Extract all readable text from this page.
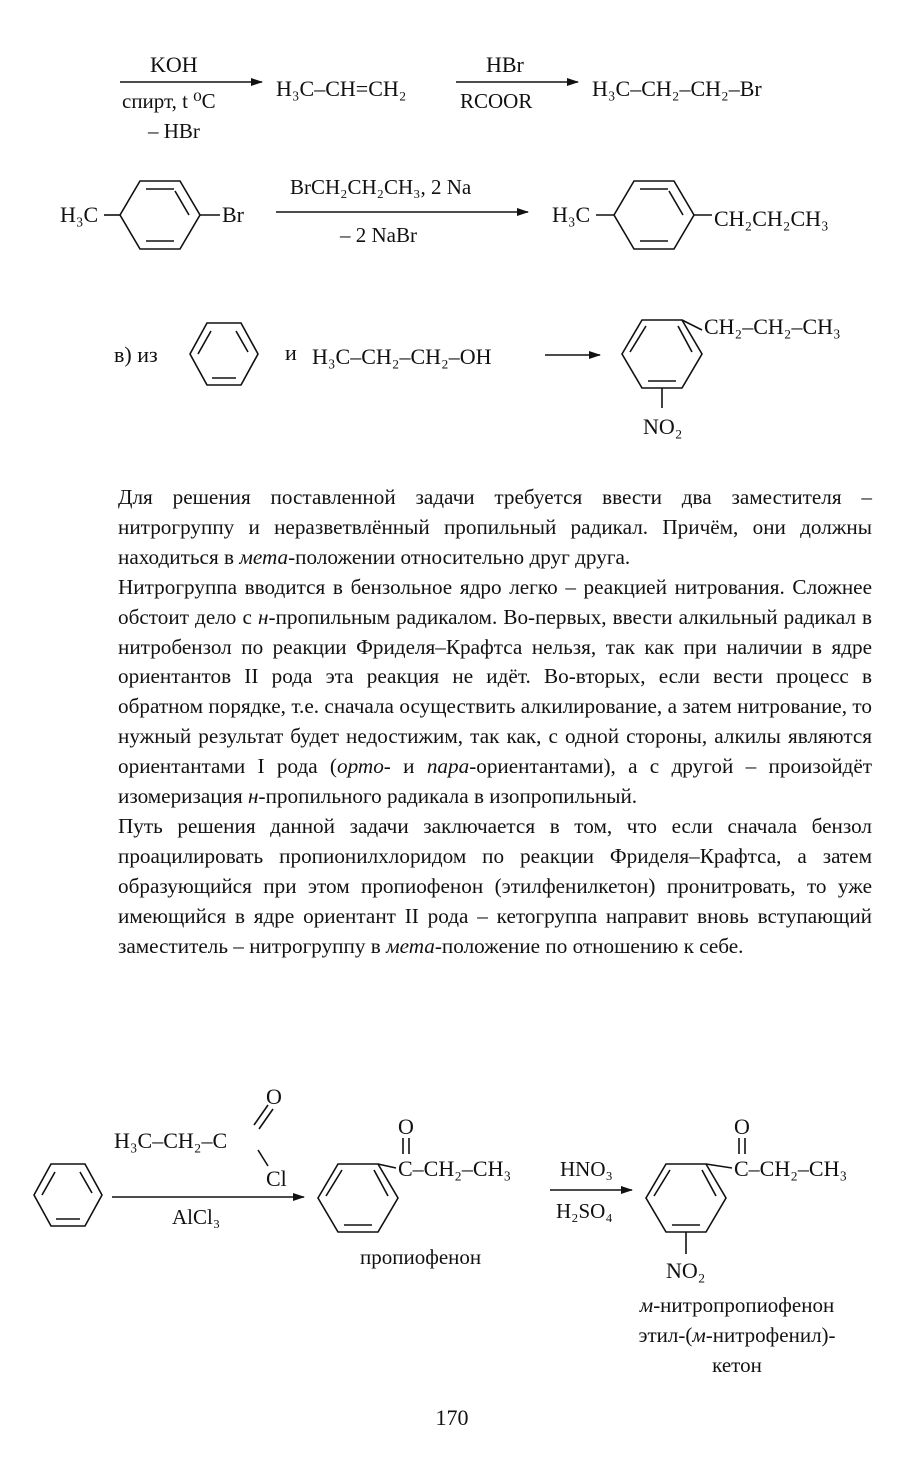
KOH
спирт, t ⁰C
– HBr
H₃C–CH=CH₂
HBr
RCOOR	H₃C–CH₂–CH₂–Br
H₃C	Br
BrCH₂CH₂CH₃, 2 Na
– 2 NaBr
H₃C	CH₂CH₂CH₃
в) из	и H₃C–CH₂–CH₂–OH
CH₂–CH₂–CH₃
NO₂
H₃C–CH₂–C
O
Cl
AlCl₃
O
C–CH₂–CH₃
пропиофенон
HNO₃
H₂SO₄
O
C–CH₂–CH₃
NO₂

Для решения поставленной задачи требуется ввести два заместителя – нитрогруппу и неразветвлённый пропильный радикал. Причём, они должны находиться в мета-положении относительно друг друга.

Нитрогруппа вводится в бензольное ядро легко – реакцией нитрования. Сложнее обстоит дело с н-пропильным радикалом. Во-первых, ввести алкильный радикал в нитробензол по реакции Фриделя–Крафтса нельзя, так как при наличии в ядре ориентантов II рода эта реакция не идёт. Во-вторых, если вести процесс в обратном порядке, т.е. сначала осуществить алкилирование, а затем нитрование, то нужный результат будет недостижим, так как, с одной стороны, алкилы являются ориентантами I рода (орто- и пара-ориентантами), а с другой – произойдёт изомеризация н-пропильного радикала в изопропильный.

Путь решения данной задачи заключается в том, что если сначала бензол проацилировать пропионилхлоридом по реакции Фриделя–Крафтса, а затем образующийся при этом пропиофенон (этилфенилкетон) пронитровать, то уже имеющийся в ядре ориентант II рода – кетогруппа направит вновь вступающий заместитель – нитрогруппу в мета-положение по отношению к себе.

м-нитропропиофенон
этил-(м-нитрофенил)-
кетон
170
